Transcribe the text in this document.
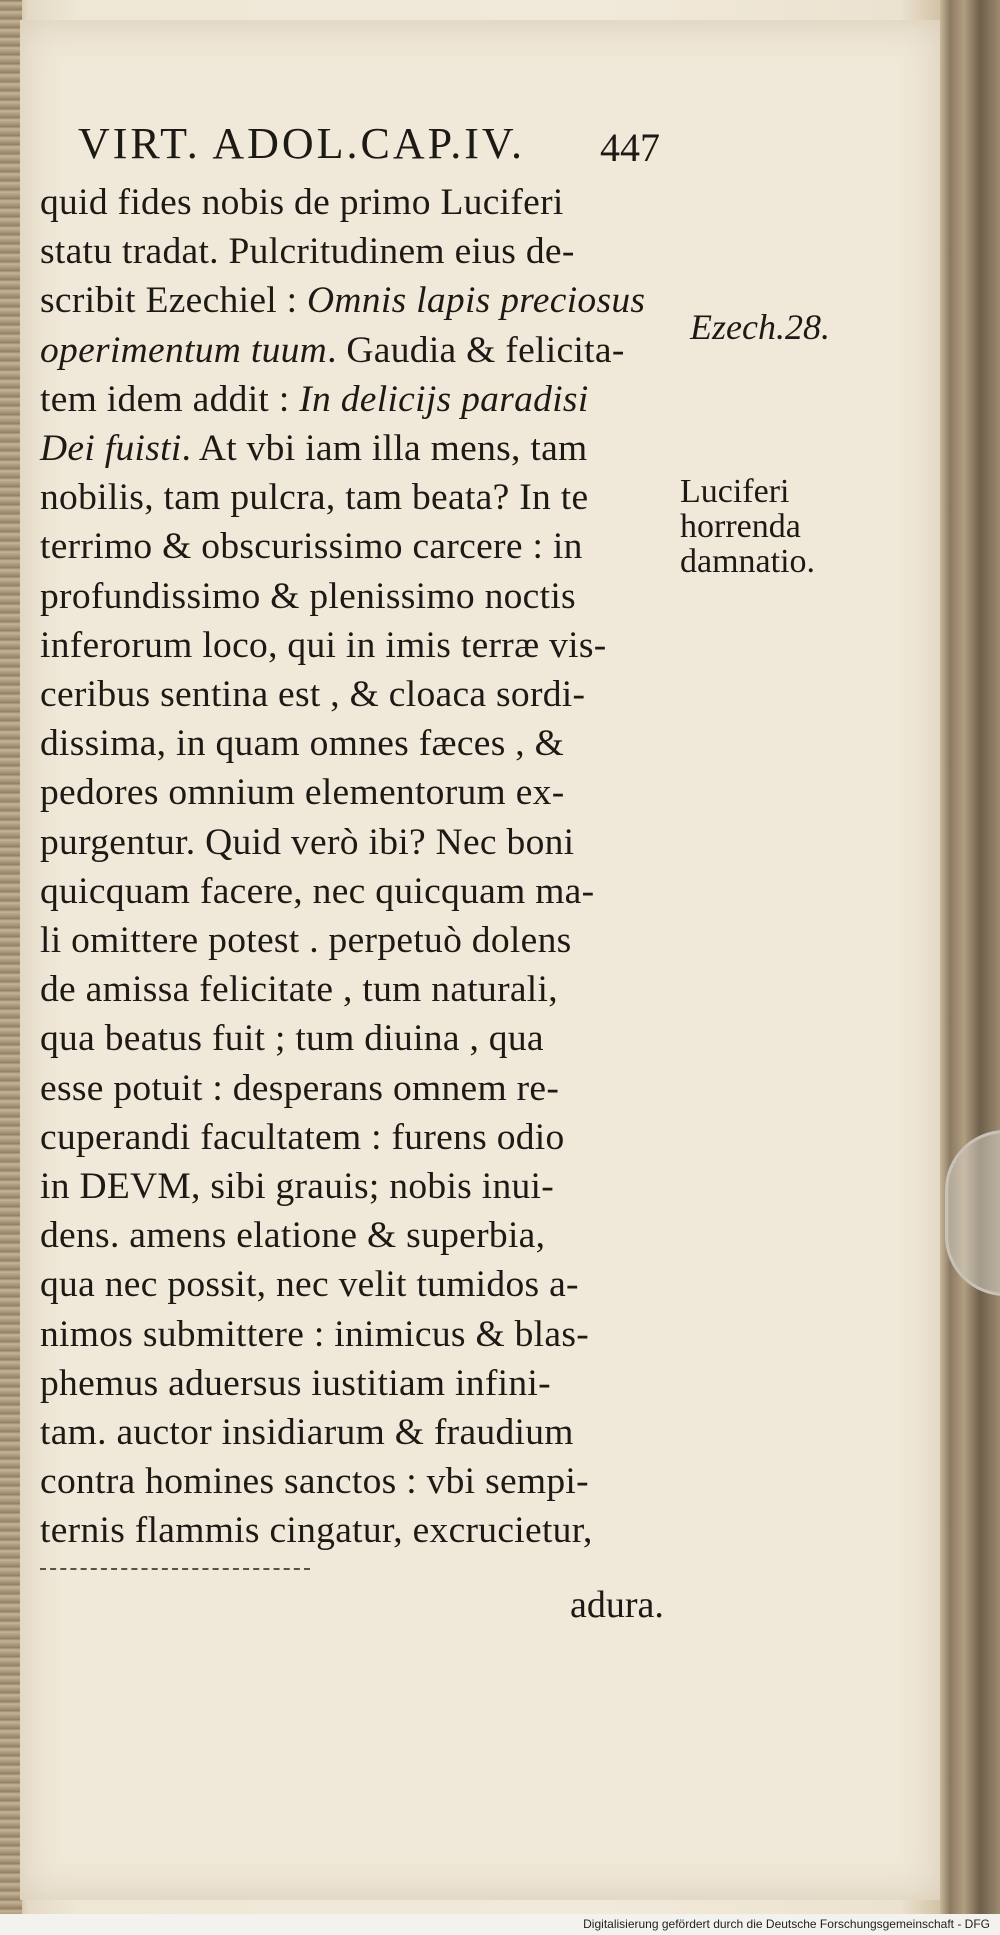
VIRT. ADOL.CAP.IV.	447
quid fides nobis de primo Luciferi
statu tradat. Pulcritudinem eius de-
scribit Ezechiel : Omnis lapis preciosus
operimentum tuum. Gaudia & felicita-
tem idem addit : In delicijs paradisi
Dei fuisti. At vbi iam illa mens, tam
nobilis, tam pulcra, tam beata? In te
terrimo & obscurissimo carcere : in
profundissimo & plenissimo noctis
inferorum loco, qui in imis terræ vis-
ceribus sentina est , & cloaca sordi-
dissima, in quam omnes fæces , &
pedores omnium elementorum ex-
purgentur. Quid verò ibi? Nec boni
quicquam facere, nec quicquam ma-
li omittere potest . perpetuò dolens
de amissa felicitate , tum naturali,
qua beatus fuit ; tum diuina , qua
esse potuit : desperans omnem re-
cuperandi facultatem : furens odio
in DEVM, sibi grauis; nobis inui-
dens. amens elatione & superbia,
qua nec possit, nec velit tumidos a-
nimos submittere : inimicus & blas-
phemus aduersus iustitiam infini-
tam. auctor insidiarum & fraudium
contra homines sanctos : vbi sempi-
ternis flammis cingatur, excrucietur,
adura.
Ezech.28.
Luciferi
horrenda
damnatio.
Digitalisierung gefördert durch die Deutsche Forschungsgemeinschaft - DFG
